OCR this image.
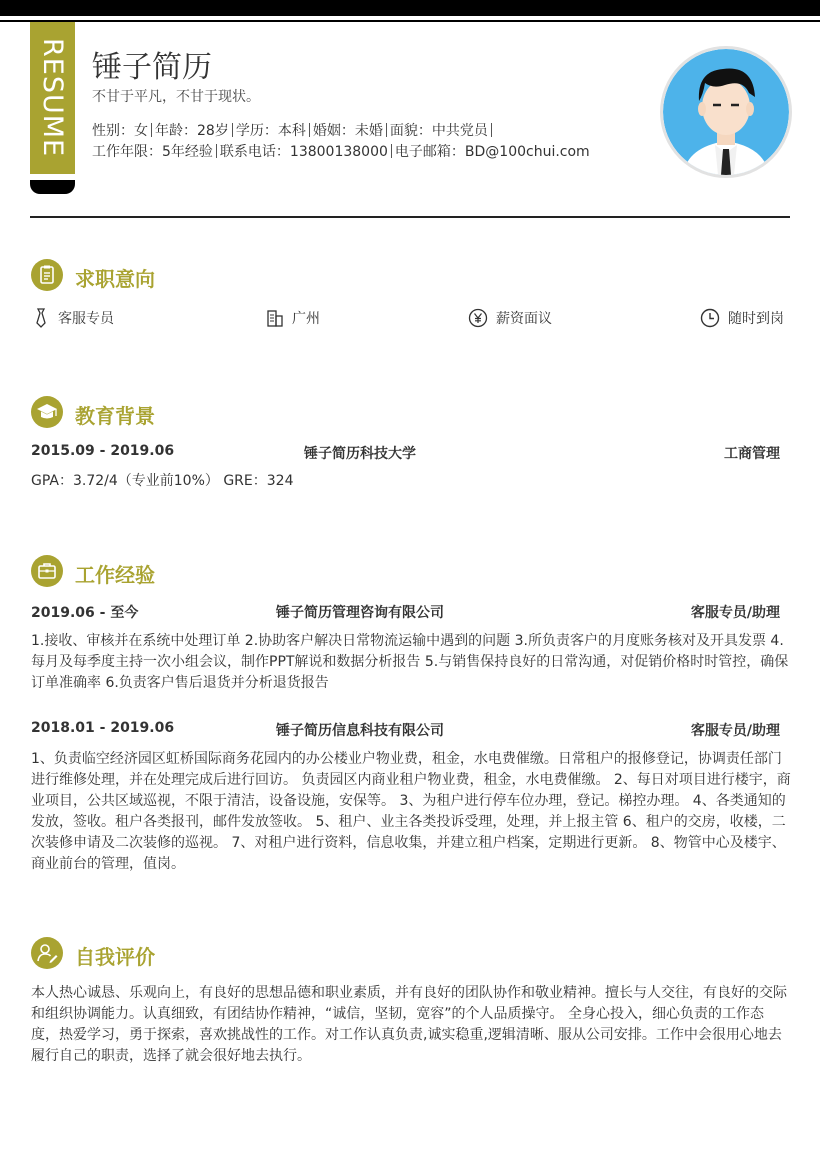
RESUME 锤子简历
不甘于平凡，不甘于现状。
性别：女 年龄：28岁 学历：本科 婚姻：未婚 面貌：中共党员
工作年限：5年经验 联系电话：13800138000 电子邮箱：BD@100chui.com
求职意向
客服专员	广州	薪资面议	随时到岗
教育背景
2015.09 - 2019.06	锤子简历科技大学	工商管理
GPA：3.72/4（专业前10%） GRE：324
工作经验
2019.06 - 至今	锤子简历管理咨询有限公司	客服专员/助理
1.接收、审核并在系统中处理订单 2.协助客户解决日常物流运输中遇到的问题 3.所负责客户的月度账务核对及开具发票 4.每月及每季度主持一次小组会议，制作PPT解说和数据分析报告 5.与销售保持良好的日常沟通，对促销价格时时管控，确保订单准确率 6.负责客户售后退货并分析退货报告
2018.01 - 2019.06	锤子简历信息科技有限公司	客服专员/助理
1、负责临空经济园区虹桥国际商务花园内的办公楼业户物业费，租金，水电费催缴。日常租户的报修登记，协调责任部门进行维修处理，并在处理完成后进行回访。 负责园区内商业租户物业费，租金，水电费催缴。 2、每日对项目进行楼宇，商业项目，公共区域巡视，不限于清洁，设备设施，安保等。 3、为租户进行停车位办理，登记。梯控办理。 4、各类通知的发放，签收。租户各类报刊，邮件发放签收。 5、租户、业主各类投诉受理，处理，并上报主管 6、租户的交房，收楼，二次装修申请及二次装修的巡视。 7、对租户进行资料，信息收集，并建立租户档案，定期进行更新。 8、物管中心及楼宇、商业前台的管理，值岗。
自我评价
本人热心诚恳、乐观向上，有良好的思想品德和职业素质，并有良好的团队协作和敬业精神。擅长与人交往，有良好的交际和组织协调能力。认真细致，有团结协作精神，“诚信，坚韧，宽容”的个人品质操守。 全身心投入，细心负责的工作态度，热爱学习，勇于探索，喜欢挑战性的工作。对工作认真负责,诚实稳重,逻辑清晰、服从公司安排。工作中会很用心地去履行自己的职责，选择了就会很好地去执行。
